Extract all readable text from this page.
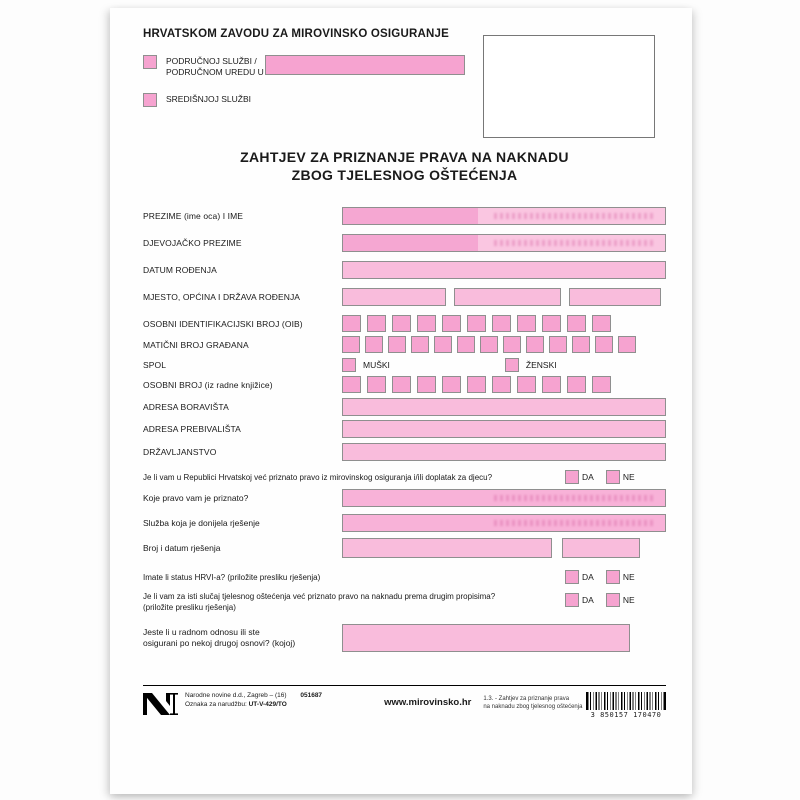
HRVATSKOM ZAVODU ZA MIROVINSKO OSIGURANJE
PODRUČNOJ SLUŽBI /
PODRUČNOM UREDU U
SREDIŠNJOJ SLUŽBI
ZAHTJEV ZA PRIZNANJE PRAVA NA NAKNADU
ZBOG TJELESNOG OŠTEĆENJA
PREZIME (ime oca) I IME
DJEVOJAČKO PREZIME
DATUM ROĐENJA
MJESTO, OPĆINA I DRŽAVA ROĐENJA
OSOBNI IDENTIFIKACIJSKI BROJ (OIB)
MATIČNI BROJ GRAĐANA
SPOL	MUŠKI	ŽENSKI
OSOBNI BROJ (iz radne knjižice)
ADRESA BORAVIŠTA
ADRESA PREBIVALIŠTA
DRŽAVLJANSTVO
Je li vam u Republici Hrvatskoj već priznato pravo iz mirovinskog osiguranja i/ili doplatak za djecu?	DA	NE
Koje pravo vam je priznato?
Služba koja je donijela rješenje
Broj i datum rješenja
Imate li status HRVI-a? (priložite presliku rješenja)	DA	NE
Je li vam za isti slučaj tjelesnog oštećenja već priznato pravo na naknadu prema drugim propisima?
(priložite presliku rješenja)
DA	NE
Jeste li u radnom odnosu ili ste
osigurani po nekoj drugoj osnovi? (kojoj)
Narodne novine d.d., Zagreb – (16) 051687
Oznaka za narudžbu: UT-V-429/TO	www.mirovinsko.hr 1.3. - Zahtjev za priznanje prava
na naknadu zbog tjelesnog oštećenja
3 850157 170470
